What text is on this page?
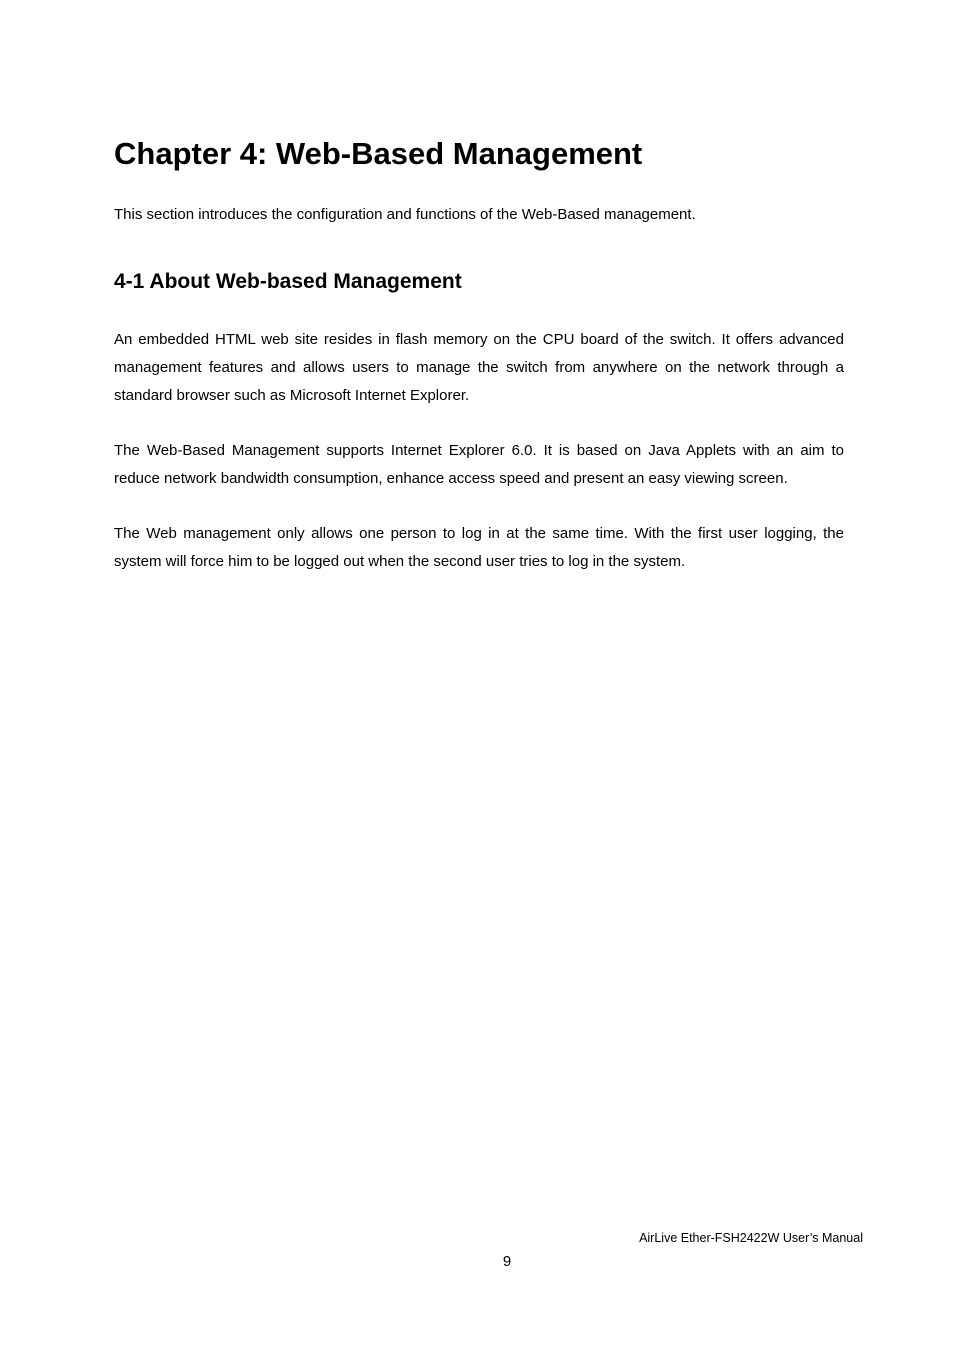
Chapter 4: Web-Based Management

This section introduces the configuration and functions of the Web-Based management.

4-1 About Web-based Management

An embedded HTML web site resides in flash memory on the CPU board of the switch. It offers advanced management features and allows users to manage the switch from anywhere on the network through a standard browser such as Microsoft Internet Explorer.

The Web-Based Management supports Internet Explorer 6.0. It is based on Java Applets with an aim to reduce network bandwidth consumption, enhance access speed and present an easy viewing screen.

The Web management only allows one person to log in at the same time. With the first user logging, the system will force him to be logged out when the second user tries to log in the system.

AirLive Ether-FSH2422W User’s Manual
9
